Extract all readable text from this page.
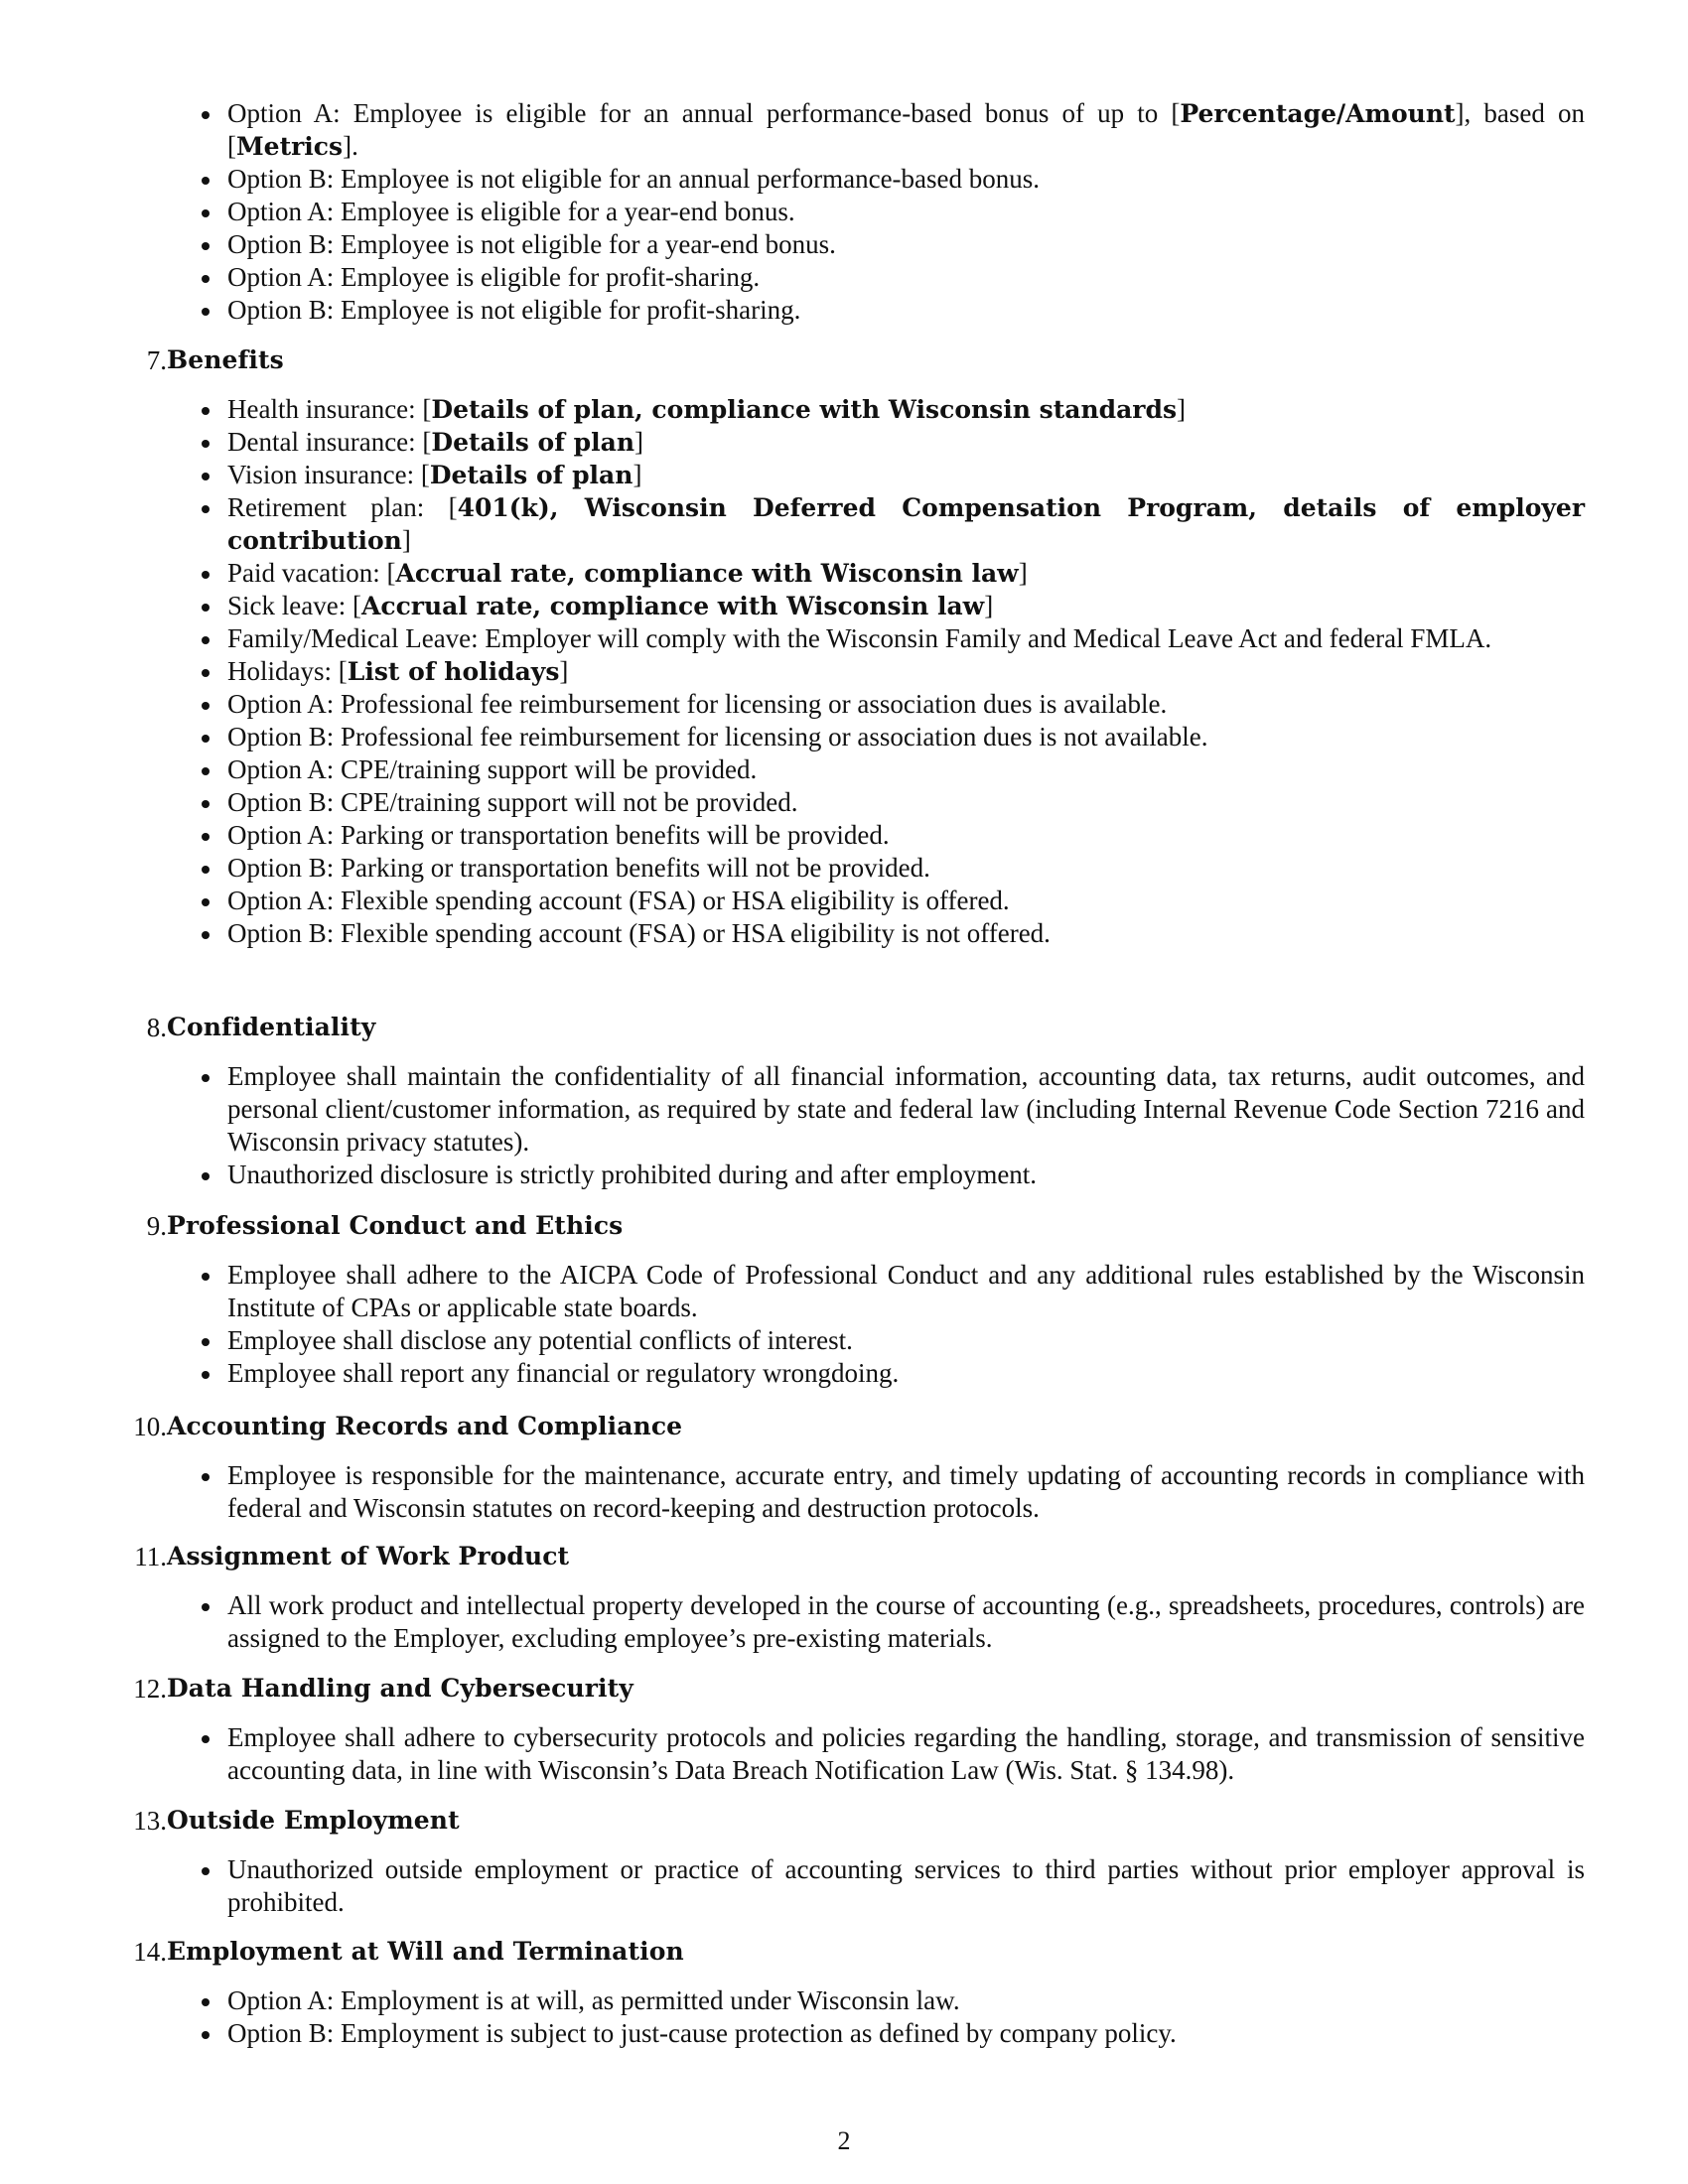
Option A: Employee is eligible for an annual performance-based bonus of up to [Percentage/Amount], based on [Metrics].
Option B: Employee is not eligible for an annual performance-based bonus.
Option A: Employee is eligible for a year-end bonus.
Option B: Employee is not eligible for a year-end bonus.
Option A: Employee is eligible for profit-sharing.
Option B: Employee is not eligible for profit-sharing.
7. Benefits
Health insurance: [Details of plan, compliance with Wisconsin standards]
Dental insurance: [Details of plan]
Vision insurance: [Details of plan]
Retirement plan: [401(k), Wisconsin Deferred Compensation Program, details of employer contribution]
Paid vacation: [Accrual rate, compliance with Wisconsin law]
Sick leave: [Accrual rate, compliance with Wisconsin law]
Family/Medical Leave: Employer will comply with the Wisconsin Family and Medical Leave Act and federal FMLA.
Holidays: [List of holidays]
Option A: Professional fee reimbursement for licensing or association dues is available.
Option B: Professional fee reimbursement for licensing or association dues is not available.
Option A: CPE/training support will be provided.
Option B: CPE/training support will not be provided.
Option A: Parking or transportation benefits will be provided.
Option B: Parking or transportation benefits will not be provided.
Option A: Flexible spending account (FSA) or HSA eligibility is offered.
Option B: Flexible spending account (FSA) or HSA eligibility is not offered.
8. Confidentiality
Employee shall maintain the confidentiality of all financial information, accounting data, tax returns, audit outcomes, and personal client/customer information, as required by state and federal law (including Internal Revenue Code Section 7216 and Wisconsin privacy statutes).
Unauthorized disclosure is strictly prohibited during and after employment.
9. Professional Conduct and Ethics
Employee shall adhere to the AICPA Code of Professional Conduct and any additional rules established by the Wisconsin Institute of CPAs or applicable state boards.
Employee shall disclose any potential conflicts of interest.
Employee shall report any financial or regulatory wrongdoing.
10. Accounting Records and Compliance
Employee is responsible for the maintenance, accurate entry, and timely updating of accounting records in compliance with federal and Wisconsin statutes on record-keeping and destruction protocols.
11. Assignment of Work Product
All work product and intellectual property developed in the course of accounting (e.g., spreadsheets, procedures, controls) are assigned to the Employer, excluding employee’s pre-existing materials.
12. Data Handling and Cybersecurity
Employee shall adhere to cybersecurity protocols and policies regarding the handling, storage, and transmission of sensitive accounting data, in line with Wisconsin’s Data Breach Notification Law (Wis. Stat. § 134.98).
13. Outside Employment
Unauthorized outside employment or practice of accounting services to third parties without prior employer approval is prohibited.
14. Employment at Will and Termination
Option A: Employment is at will, as permitted under Wisconsin law.
Option B: Employment is subject to just-cause protection as defined by company policy.
2
